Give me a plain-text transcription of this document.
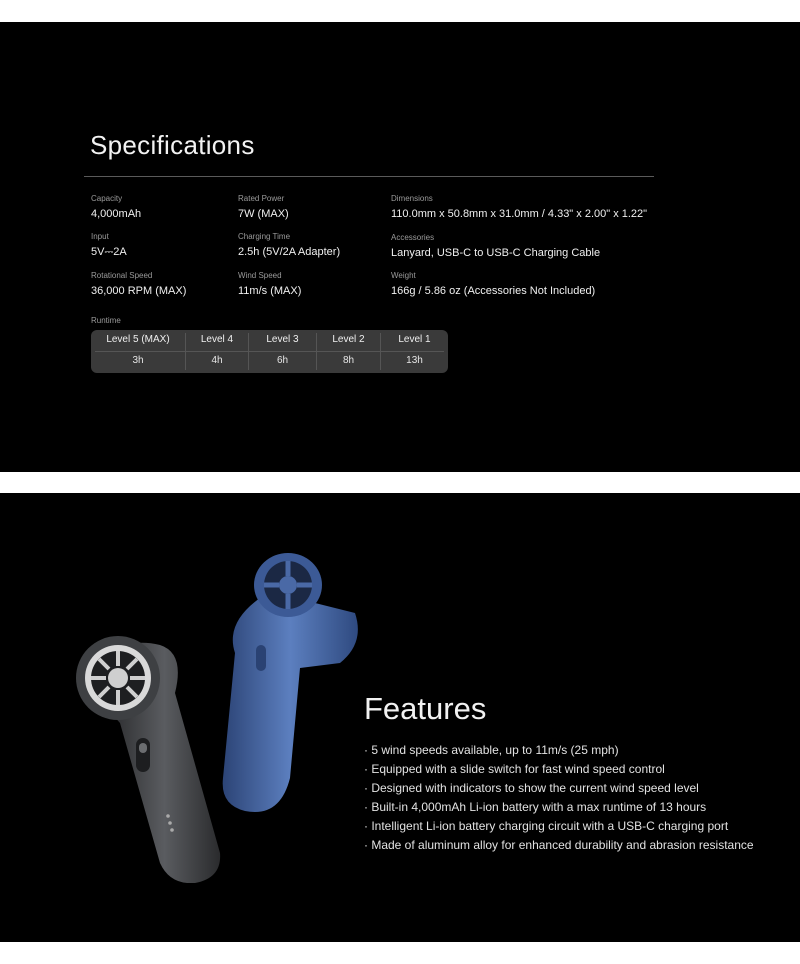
Specifications
Capacity
4,000mAh
Rated Power
7W (MAX)
Dimensions
110.0mm x 50.8mm x 31.0mm / 4.33" x 2.00" x 1.22"
Input
5V⎓2A
Charging Time
2.5h (5V/2A Adapter)
Accessories
Lanyard, USB-C to USB-C Charging Cable
Rotational Speed
36,000 RPM (MAX)
Wind Speed
11m/s (MAX)
Weight
166g / 5.86 oz (Accessories Not Included)
Runtime
Level 5 (MAX)
3h
Level 4
4h
Level 3
6h
Level 2
8h
Level 1
13h
Features
· 5 wind speeds available, up to 11m/s (25 mph)
· Equipped with a slide switch for fast wind speed control
· Designed with indicators to show the current wind speed level
· Built-in 4,000mAh Li-ion battery with a max runtime of 13 hours
· Intelligent Li-ion battery charging circuit with a USB-C charging port
· Made of aluminum alloy for enhanced durability and abrasion resistance
